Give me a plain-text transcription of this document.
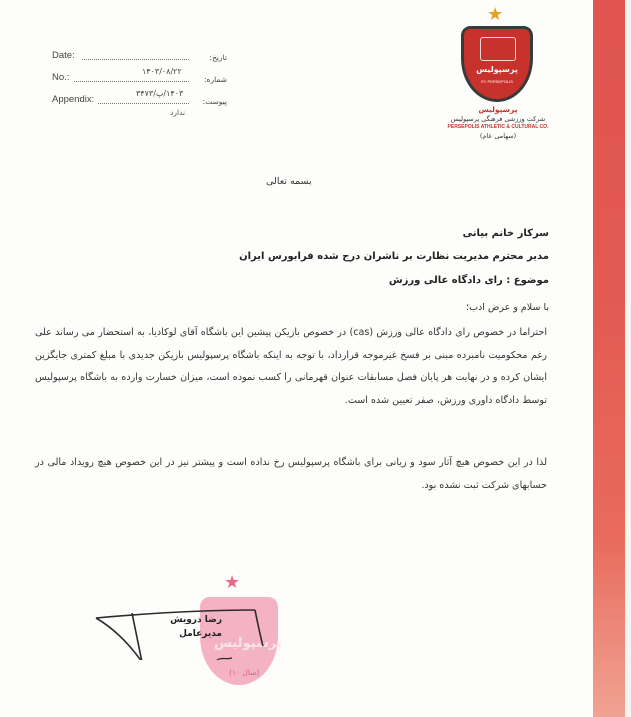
Date:	تاریخ:
No.:
۱۴۰۳/۰۸/۲۲
شماره:
Appendix:
۱۴۰۳/پ/۳۴۷۳
پیوست:
ندارد
★
پرسپولیس
FC PERSEPOLIS
پرسپولیس
شرکت ورزشی فرهنگی پرسپولیس
PERSEPOLIS ATHLETIC & CULTURAL CO.
(سهامی عام)
بسمه تعالی
سرکار خانم بیانی
مدیر محترم مدیریت نظارت بر ناشران درج شده فرابورس ایران
موضوع : رای دادگاه عالی ورزش
با سلام و عرض ادب؛

احتراما در خصوص رای دادگاه عالی ورزش (cas) در خصوص بازیکن پیشین این باشگاه آقای لوکادیا، به استحضار می رساند علی رغم محکومیت نامبرده مبنی بر فسخ غیرموجه قرارداد، با توجه به اینکه باشگاه پرسپولیس بازیکن جدیدی با مبلغ کمتری جایگزین ایشان کرده و در نهایت هر پایان فصل مسابقات عنوان قهرمانی را کسب نموده است، میزان خسارت وارده به باشگاه پرسپولیس توسط دادگاه داوری ورزش، صفر تعیین شده است.

لذا در این خصوص هیچ آثار سود و زیانی برای باشگاه پرسپولیس رخ نداده است و پیشتر نیز در این خصوص هیچ رویداد مالی در حسابهای شرکت ثبت نشده بود.

★
پرسپولیس
(سال ۱۰)
رضا درویش
مدیرعامل
